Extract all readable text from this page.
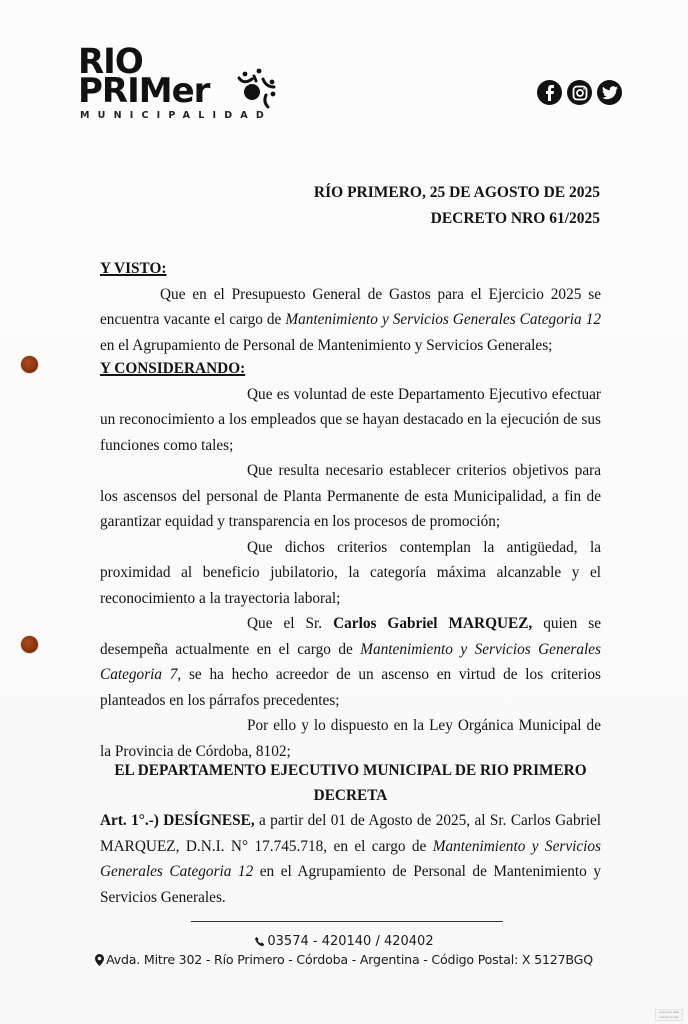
RIO
PRIMer
MUNICIPALIDAD
RÍO PRIMERO, 25 DE AGOSTO DE 2025
DECRETO NRO 61/2025
Y VISTO:
Que en el Presupuesto General de Gastos para el Ejercicio 2025 se encuentra vacante el cargo de Mantenimiento y Servicios Generales Categoria 12 en el Agrupamiento de Personal de Mantenimiento y Servicios Generales;
Y CONSIDERANDO:
Que es voluntad de este Departamento Ejecutivo efectuar un reconocimiento a los empleados que se hayan destacado en la ejecución de sus funciones como tales;
Que resulta necesario establecer criterios objetivos para los ascensos del personal de Planta Permanente de esta Municipalidad, a fin de garantizar equidad y transparencia en los procesos de promoción;
Que dichos criterios contemplan la antigüedad, la proximidad al beneficio jubilatorio, la categoría máxima alcanzable y el reconocimiento a la trayectoria laboral;
Que el Sr. Carlos Gabriel MARQUEZ, quien se desempeña actualmente en el cargo de Mantenimiento y Servicios Generales Categoria 7, se ha hecho acreedor de un ascenso en virtud de los criterios planteados en los párrafos precedentes;
Por ello y lo dispuesto en la Ley Orgánica Municipal de la Provincia de Córdoba, 8102;
EL DEPARTAMENTO EJECUTIVO MUNICIPAL DE RIO PRIMERO
DECRETA
Art. 1°.-) DESÍGNESE, a partir del 01 de Agosto de 2025, al Sr. Carlos Gabriel MARQUEZ, D.N.I. N° 17.745.718, en el cargo de Mantenimiento y Servicios Generales Categoria 12 en el Agrupamiento de Personal de Mantenimiento y Servicios Generales.
03574 - 420140 / 420402
Avda. Mitre 302 - Río Primero - Córdoba - Argentina - Código Postal: X 5127BGQ
Scanned with CamScanner
